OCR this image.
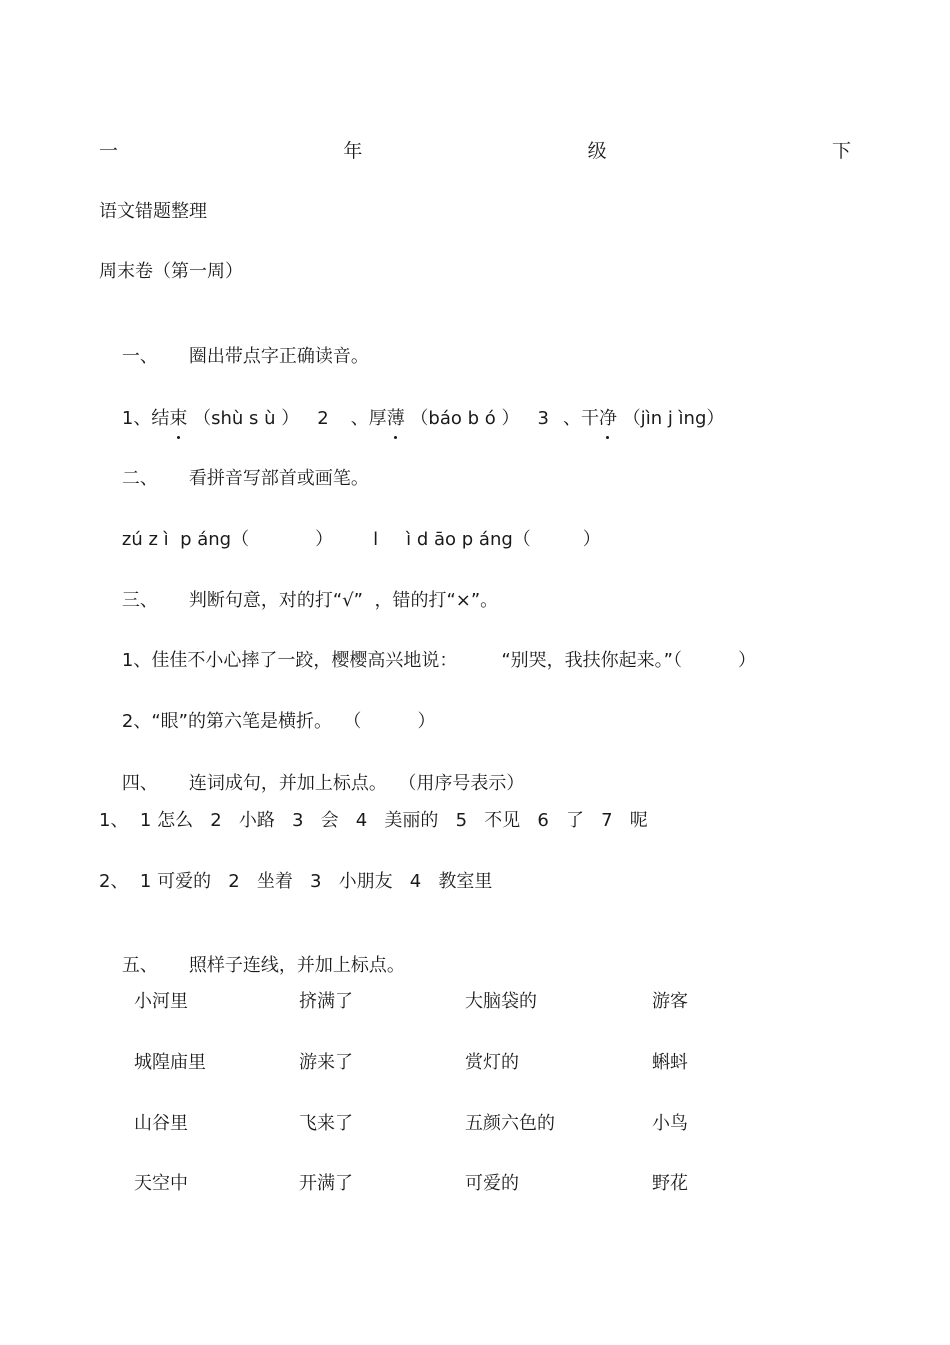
一	年	级	下
语文错题整理
周末卷（第一周）

一、 圈出带点字正确读音。

1、结束 （shù s ù ） 2 、厚薄 （báo b ó ） 3 、干净 （jìn j ìng）

二、 看拼音写部首或画笔。

zú z ì  p áng（	） l ì d āo p áng（	）

三、 判断句意，对的打“√”  ，错的打“×”。

1、佳佳不小心摔了一跤，樱樱高兴地说： “别哭，我扶你起来。”（	）

2、“眼”的第六笔是横折。  （	）

四、 连词成句，并加上标点。  （用序号表示）

1、  1 怎么   2   小路   3   会   4   美丽的   5   不见   6   了   7   呢
2、  1 可爱的   2   坐着   3   小朋友   4   教室里

五、 照样子连线，并加上标点。

小河里	挤满了	大脑袋的	游客
城隍庙里	游来了	赏灯的	蝌蚪
山谷里	飞来了	五颜六色的	小鸟
天空中	开满了	可爱的	野花
